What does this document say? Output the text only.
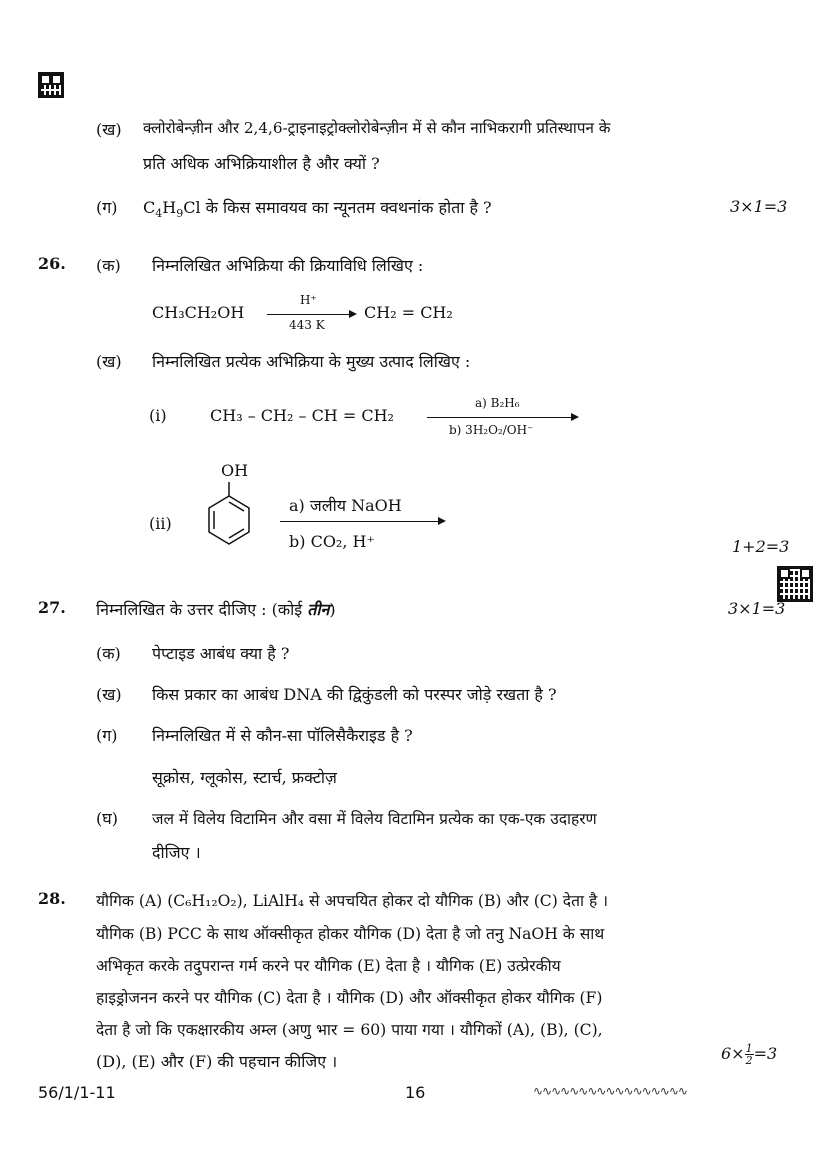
(ख) क्लोरोबेन्ज़ीन और 2,4,6-ट्राइनाइट्रोक्लोरोबेन्ज़ीन में से कौन नाभिकरागी प्रतिस्थापन के
प्रति अधिक अभिक्रियाशील है और क्यों ?
(ग) $C_4H_9Cl$ के किस समावयव का न्यूनतम क्वथनांक होता है ?	3×1=3
26. (क) निम्नलिखित अभिक्रिया की क्रियाविधि लिखिए :
CH₃CH₂OH
H⁺
443 K
CH₂ = CH₂
(ख) निम्नलिखित प्रत्येक अभिक्रिया के मुख्य उत्पाद लिखिए :
(i)	CH₃ – CH₂ – CH = CH₂
a) B₂H₆
b) 3H₂O₂/OH⁻
OH
(ii)
a) जलीय NaOH
b) CO₂, H⁺	1+2=3
27. निम्नलिखित के उत्तर दीजिए : (कोई तीन)	3×1=3
(क) पेप्टाइड आबंध क्या है ?
(ख) किस प्रकार का आबंध DNA की द्विकुंडली को परस्पर जोड़े रखता है ?
(ग) निम्नलिखित में से कौन-सा पॉलिसैकैराइड है ?
सूक्रोस, ग्लूकोस, स्टार्च, फ्रक्टोज़
(घ) जल में विलेय विटामिन और वसा में विलेय विटामिन प्रत्येक का एक-एक उदाहरण
दीजिए ।
28. यौगिक (A) (C₆H₁₂O₂), LiAlH₄ से अपचयित होकर दो यौगिक (B) और (C) देता है ।
यौगिक (B) PCC के साथ ऑक्सीकृत होकर यौगिक (D) देता है जो तनु NaOH के साथ
अभिकृत करके तदुपरान्त गर्म करने पर यौगिक (E) देता है । यौगिक (E) उत्प्रेरकीय
हाइड्रोजनन करने पर यौगिक (C) देता है । यौगिक (D) और ऑक्सीकृत होकर यौगिक (F)
देता है जो कि एकक्षारकीय अम्ल (अणु भार = 60) पाया गया । यौगिकों (A), (B), (C),
(D), (E) और (F) की पहचान कीजिए ।	$6\times \frac{1}{2} =3$
56/1/1-11	16	∿∿∿∿∿∿∿∿∿∿∿∿∿∿∿∿∿
